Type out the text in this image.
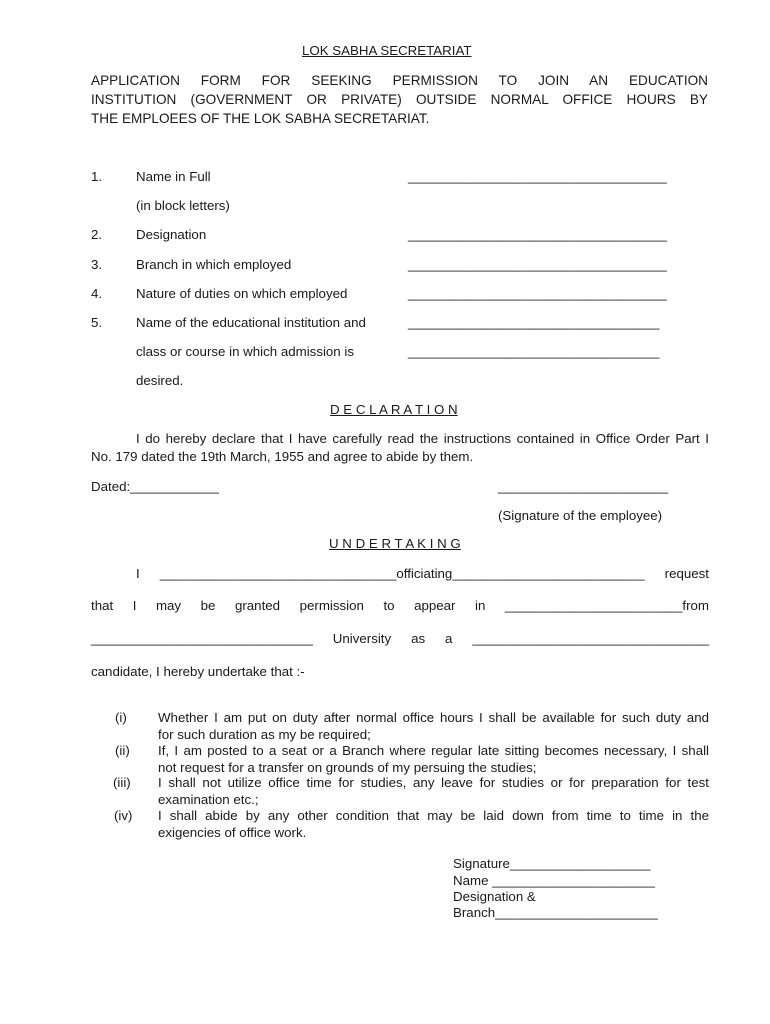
LOK SABHA SECRETARIAT
APPLICATION FORM FOR SEEKING PERMISSION TO JOIN AN EDUCATION
INSTITUTION (GOVERNMENT OR PRIVATE) OUTSIDE NORMAL OFFICE HOURS BY
THE EMPLOEES OF THE LOK SABHA SECRETARIAT.
1.	Name in Full	___________________________________
(in block letters)
2.	Designation	___________________________________
3.	Branch in which employed	___________________________________
4.	Nature of duties on which employed	___________________________________
5.	Name of the educational institution and	__________________________________
class or course in which admission is	__________________________________
desired.
D E C L A R A T I O N
I do hereby declare that I have carefully read the instructions contained in Office Order Part I
No. 179 dated the 19th March, 1955 and agree to abide by them.
Dated:____________	_______________________
(Signature of the employee)
U N D E R T A K I N G
I ________________________________officiating__________________________ request
that I may be granted permission to appear in ________________________from
______________________________ University as a ________________________________
candidate, I hereby undertake that :-
(i) Whether I am put on duty after normal office hours I shall be available for such duty and
for such duration as my be required;
(ii) If, I am posted to a seat or a Branch where regular late sitting becomes necessary, I shall
not request for a transfer on grounds of my persuing the studies;
(iii) I shall not utilize office time for studies, any leave for studies or for preparation for test
examination etc.;
(iv) I shall abide by any other condition that may be laid down from time to time in the
exigencies of office work.
Signature___________________
Name ______________________
Designation &
Branch______________________
